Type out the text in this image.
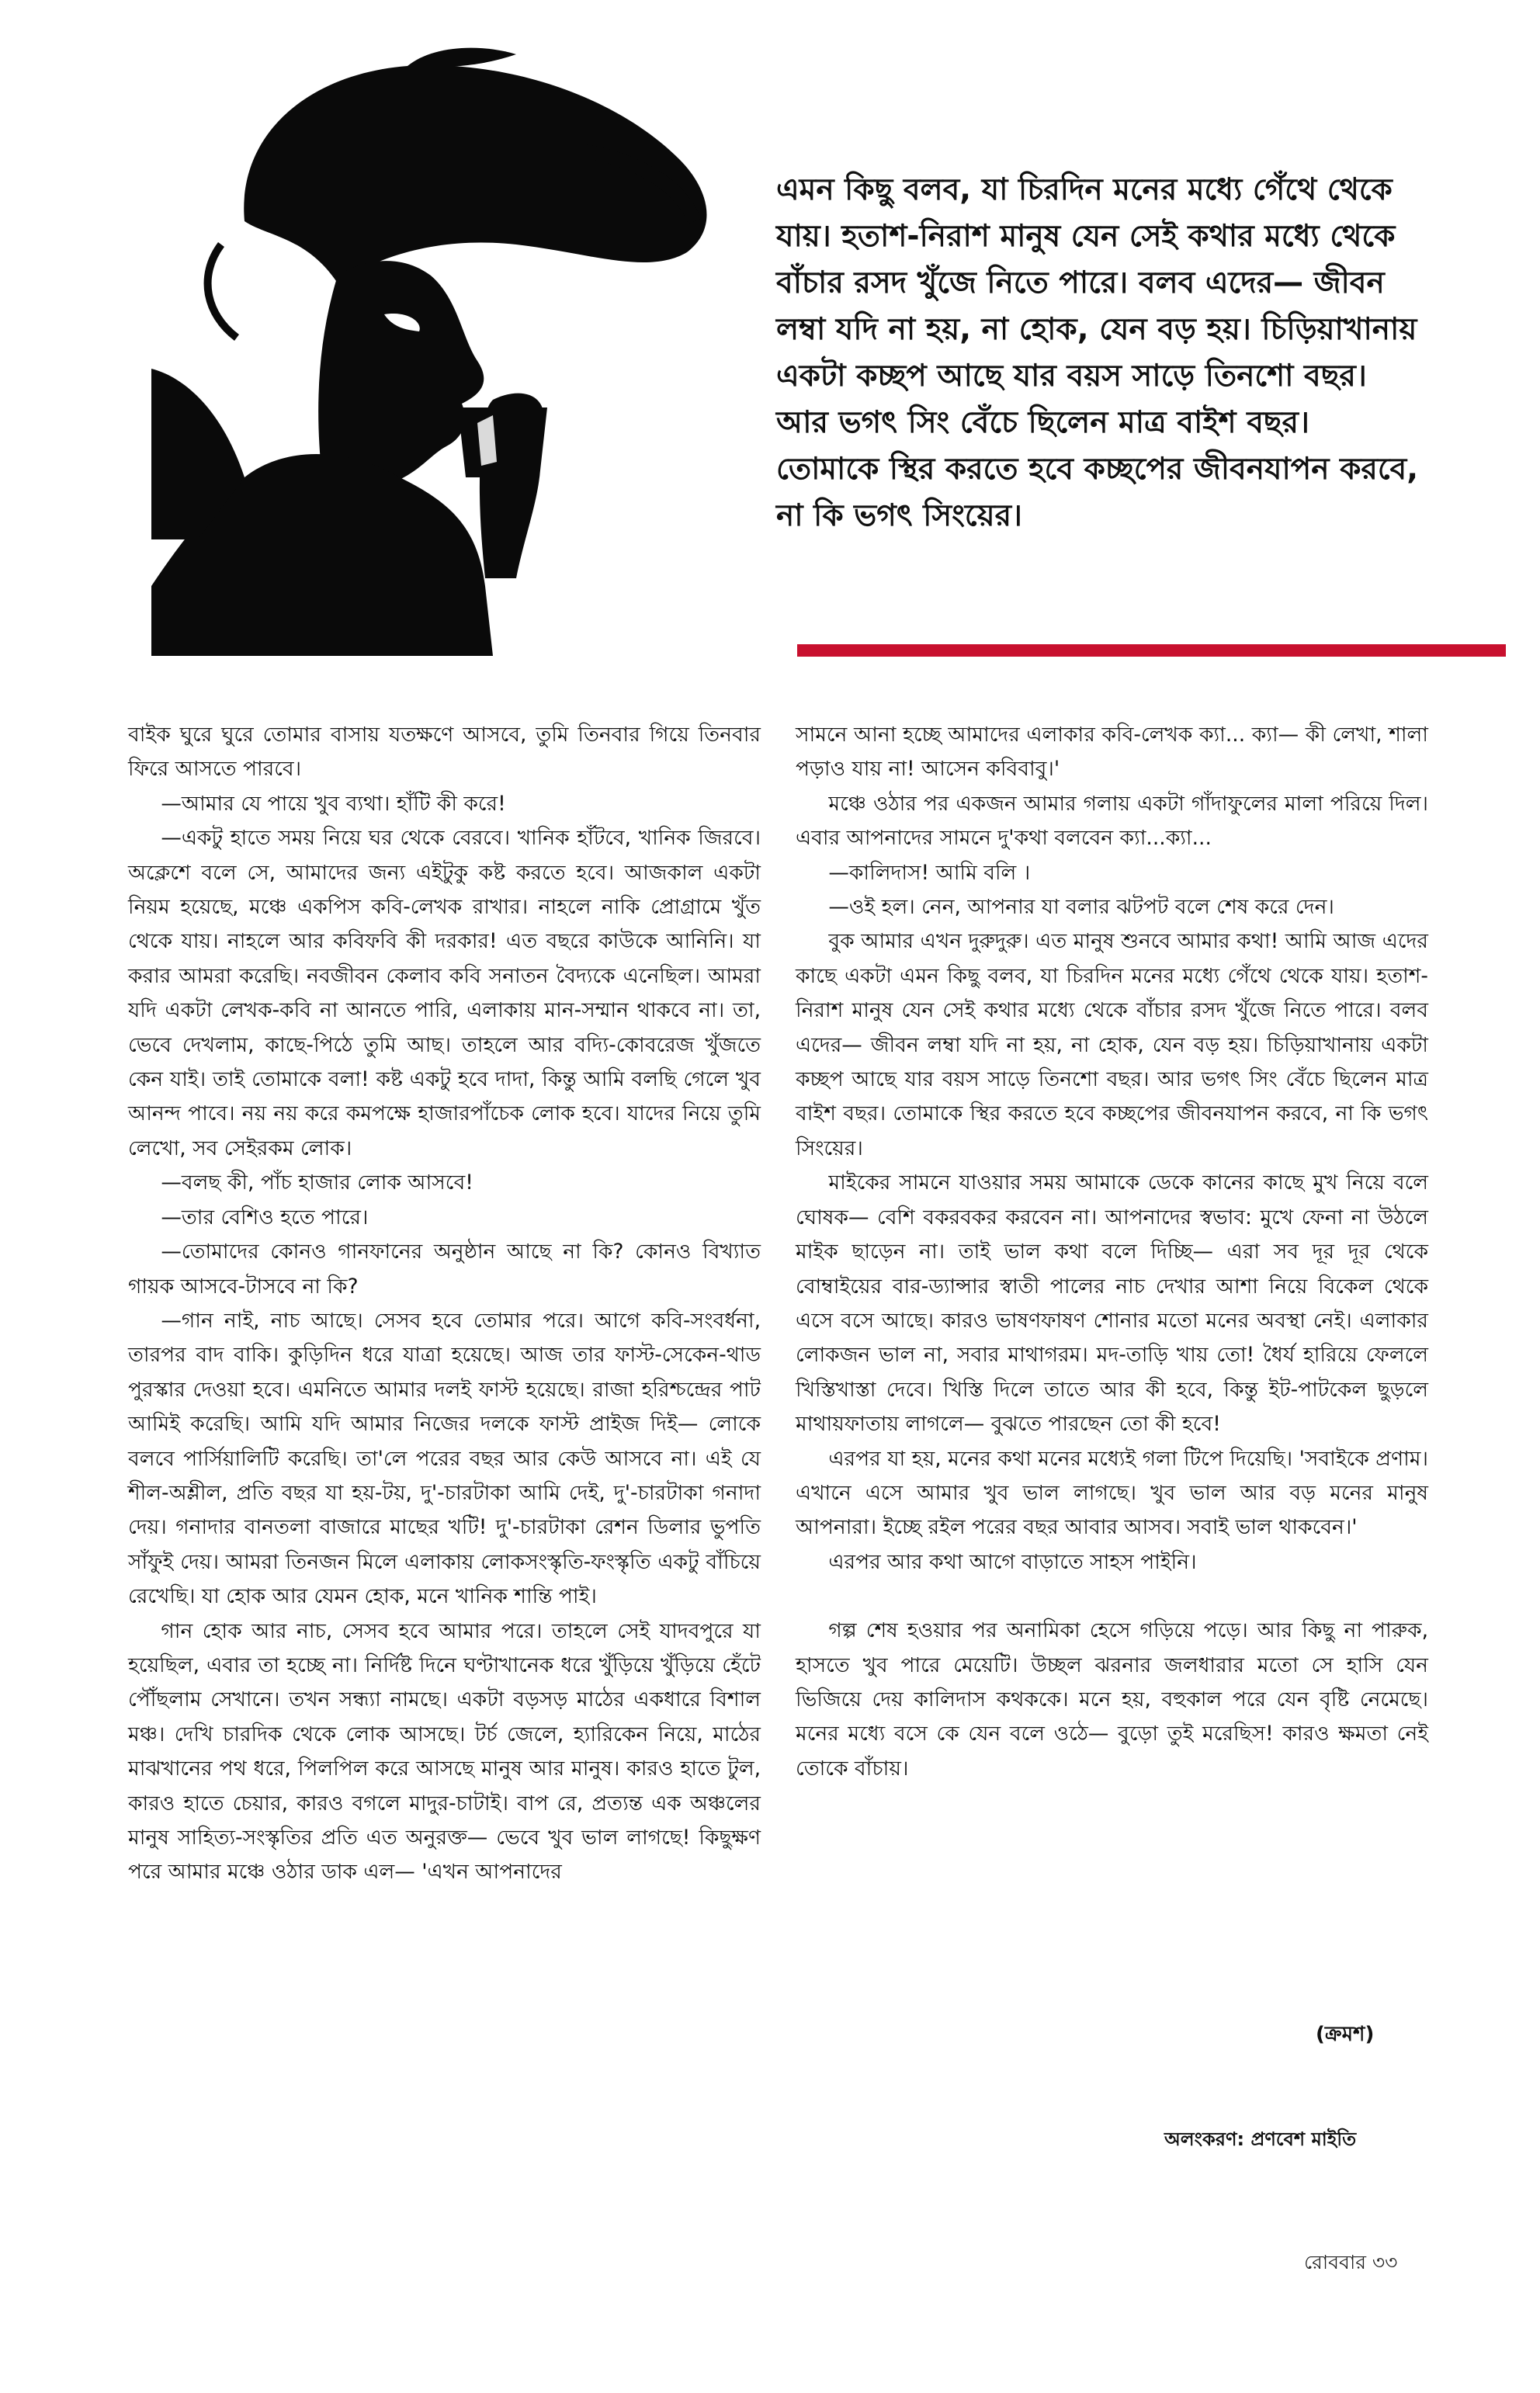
এমন কিছু বলব, যা চিরদিন মনের মধ্যে গেঁথে থেকে যায়। হতাশ-নিরাশ মানুষ যেন সেই কথার মধ্যে থেকে বাঁচার রসদ খুঁজে নিতে পারে। বলব এদের— জীবন লম্বা যদি না হয়, না হোক, যেন বড় হয়। চিড়িয়াখানায় একটা কচ্ছপ আছে যার বয়স সাড়ে তিনশো বছর। আর ভগৎ সিং বেঁচে ছিলেন মাত্র বাইশ বছর। তোমাকে স্থির করতে হবে কচ্ছপের জীবনযাপন করবে, না কি ভগৎ সিংয়ের।

বাইক ঘুরে ঘুরে তোমার বাসায় যতক্ষণে আসবে, তুমি তিনবার গিয়ে তিনবার ফিরে আসতে পারবে।

—আমার যে পায়ে খুব ব্যথা। হাঁটি কী করে!

—একটু হাতে সময় নিয়ে ঘর থেকে বেরবে। খানিক হাঁটবে, খানিক জিরবে। অক্লেশে বলে সে, আমাদের জন্য এইটুকু কষ্ট করতে হবে। আজকাল একটা নিয়ম হয়েছে, মঞ্চে একপিস কবি-লেখক রাখার। নাহলে নাকি প্রোগ্রামে খুঁত থেকে যায়। নাহলে আর কবিফবি কী দরকার! এত বছরে কাউকে আনিনি। যা করার আমরা করেছি। নবজীবন কেলাব কবি সনাতন বৈদ্যকে এনেছিল। আমরা যদি একটা লেখক-কবি না আনতে পারি, এলাকায় মান-সম্মান থাকবে না। তা, ভেবে দেখলাম, কাছে-পিঠে তুমি আছ। তাহলে আর বদ্যি-কোবরেজ খুঁজতে কেন যাই। তাই তোমাকে বলা! কষ্ট একটু হবে দাদা, কিন্তু আমি বলছি গেলে খুব আনন্দ পাবে। নয় নয় করে কমপক্ষে হাজারপাঁচেক লোক হবে। যাদের নিয়ে তুমি লেখো, সব সেইরকম লোক।

—বলছ কী, পাঁচ হাজার লোক আসবে!

—তার বেশিও হতে পারে।

—তোমাদের কোনও গানফানের অনুষ্ঠান আছে না কি? কোনও বিখ্যাত গায়ক আসবে-টাসবে না কি?

—গান নাই, নাচ আছে। সেসব হবে তোমার পরে। আগে কবি-সংবর্ধনা, তারপর বাদ বাকি। কুড়িদিন ধরে যাত্রা হয়েছে। আজ তার ফাস্ট-সেকেন-থাড পুরস্কার দেওয়া হবে। এমনিতে আমার দলই ফাস্ট হয়েছে। রাজা হরিশ্চন্দ্রের পাট আমিই করেছি। আমি যদি আমার নিজের দলকে ফাস্ট প্রাইজ দিই— লোকে বলবে পার্সিয়ালিটি করেছি। তা'লে পরের বছর আর কেউ আসবে না। এই যে শীল-অশ্লীল, প্রতি বছর যা হয়-টয়, দু'-চারটাকা আমি দেই, দু'-চারটাকা গনাদা দেয়। গনাদার বানতলা বাজারে মাছের খটি! দু'-চারটাকা রেশন ডিলার ভুপতি সাঁফুই দেয়। আমরা তিনজন মিলে এলাকায় লোকসংস্কৃতি-ফংস্কৃতি একটু বাঁচিয়ে রেখেছি। যা হোক আর যেমন হোক, মনে খানিক শান্তি পাই।

গান হোক আর নাচ, সেসব হবে আমার পরে। তাহলে সেই যাদবপুরে যা হয়েছিল, এবার তা হচ্ছে না। নির্দিষ্ট দিনে ঘণ্টাখানেক ধরে খুঁড়িয়ে খুঁড়িয়ে হেঁটে পৌঁছলাম সেখানে। তখন সন্ধ্যা নামছে। একটা বড়সড় মাঠের একধারে বিশাল মঞ্চ। দেখি চারদিক থেকে লোক আসছে। টর্চ জেলে, হ্যারিকেন নিয়ে, মাঠের মাঝখানের পথ ধরে, পিলপিল করে আসছে মানুষ আর মানুষ। কারও হাতে টুল, কারও হাতে চেয়ার, কারও বগলে মাদুর-চাটাই। বাপ রে, প্রত্যন্ত এক অঞ্চলের মানুষ সাহিত্য-সংস্কৃতির প্রতি এত অনুরক্ত— ভেবে খুব ভাল লাগছে! কিছুক্ষণ পরে আমার মঞ্চে ওঠার ডাক এল— 'এখন আপনাদের

সামনে আনা হচ্ছে আমাদের এলাকার কবি-লেখক ক্যা... ক্যা— কী লেখা, শালা পড়াও যায় না! আসেন কবিবাবু।'

মঞ্চে ওঠার পর একজন আমার গলায় একটা গাঁদাফুলের মালা পরিয়ে দিল। এবার আপনাদের সামনে দু'কথা বলবেন ক্যা...ক্যা...

—কালিদাস! আমি বলি ।

—ওই হল। নেন, আপনার যা বলার ঝটপট বলে শেষ করে দেন।

বুক আমার এখন দুরুদুরু। এত মানুষ শুনবে আমার কথা! আমি আজ এদের কাছে একটা এমন কিছু বলব, যা চিরদিন মনের মধ্যে গেঁথে থেকে যায়। হতাশ-নিরাশ মানুষ যেন সেই কথার মধ্যে থেকে বাঁচার রসদ খুঁজে নিতে পারে। বলব এদের— জীবন লম্বা যদি না হয়, না হোক, যেন বড় হয়। চিড়িয়াখানায় একটা কচ্ছপ আছে যার বয়স সাড়ে তিনশো বছর। আর ভগৎ সিং বেঁচে ছিলেন মাত্র বাইশ বছর। তোমাকে স্থির করতে হবে কচ্ছপের জীবনযাপন করবে, না কি ভগৎ সিংয়ের।

মাইকের সামনে যাওয়ার সময় আমাকে ডেকে কানের কাছে মুখ নিয়ে বলে ঘোষক— বেশি বকরবকর করবেন না। আপনাদের স্বভাব: মুখে ফেনা না উঠলে মাইক ছাড়েন না। তাই ভাল কথা বলে দিচ্ছি— এরা সব দূর দূর থেকে বোম্বাইয়ের বার-ড্যান্সার স্বাতী পালের নাচ দেখার আশা নিয়ে বিকেল থেকে এসে বসে আছে। কারও ভাষণফাষণ শোনার মতো মনের অবস্থা নেই। এলাকার লোকজন ভাল না, সবার মাথাগরম। মদ-তাড়ি খায় তো! ধৈর্য হারিয়ে ফেললে খিস্তিখাস্তা দেবে। খিস্তি দিলে তাতে আর কী হবে, কিন্তু ইট-পাটকেল ছুড়লে মাথায়ফাতায় লাগলে— বুঝতে পারছেন তো কী হবে!

এরপর যা হয়, মনের কথা মনের মধ্যেই গলা টিপে দিয়েছি। 'সবাইকে প্রণাম। এখানে এসে আমার খুব ভাল লাগছে। খুব ভাল আর বড় মনের মানুষ আপনারা। ইচ্ছে রইল পরের বছর আবার আসব। সবাই ভাল থাকবেন।'

এরপর আর কথা আগে বাড়াতে সাহস পাইনি।

গল্প শেষ হওয়ার পর অনামিকা হেসে গড়িয়ে পড়ে। আর কিছু না পারুক, হাসতে খুব পারে মেয়েটি। উচ্ছল ঝরনার জলধারার মতো সে হাসি যেন ভিজিয়ে দেয় কালিদাস কথককে। মনে হয়, বহুকাল পরে যেন বৃষ্টি নেমেছে। মনের মধ্যে বসে কে যেন বলে ওঠে— বুড়ো তুই মরেছিস! কারও ক্ষমতা নেই তোকে বাঁচায়।

(ক্রমশ)

অলংকরণ: প্রণবেশ মাইতি

রোববার ৩৩
